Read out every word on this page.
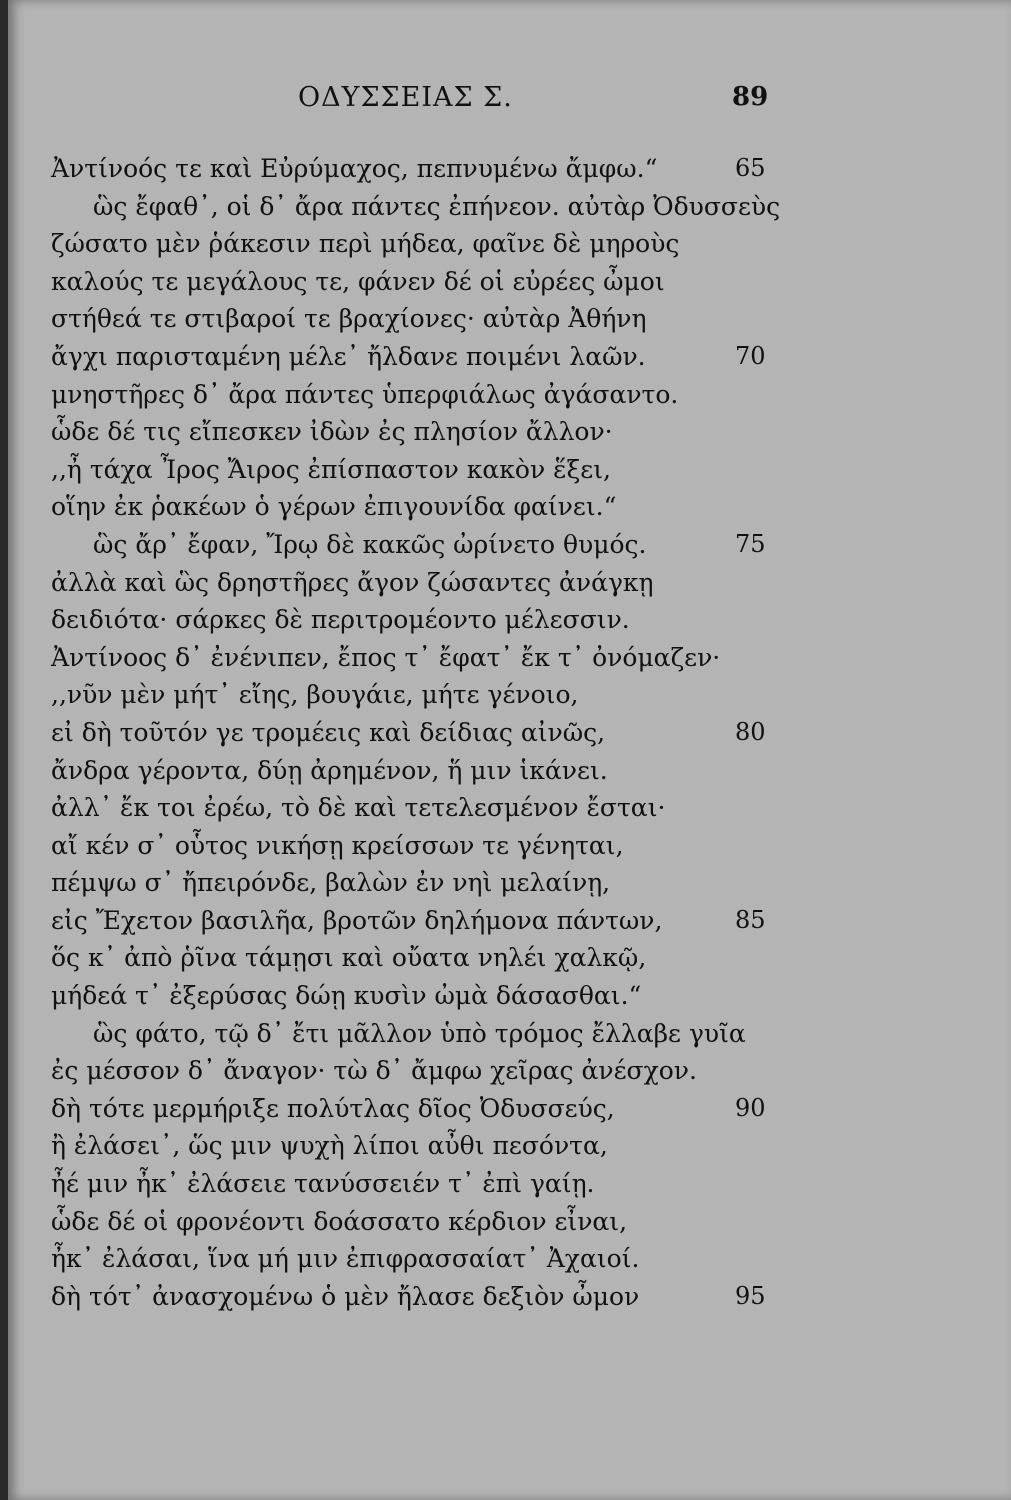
ΟΔΥΣΣΕΙΑΣ Σ.	89
Ἀντίνοός τε καὶ Εὐρύμαχος, πεπνυμένω ἄμφω.“	65
ὣς ἔφαθ᾽, οἱ δ᾽ ἄρα πάντες ἐπήνεον. αὐτὰρ Ὀδυσσεὺς
ζώσατο μὲν ῥάκεσιν περὶ μήδεα, φαῖνε δὲ μηροὺς
καλούς τε μεγάλους τε, φάνεν δέ οἱ εὐρέες ὦμοι
στήθεά τε στιβαροί τε βραχίονες· αὐτὰρ Ἀθήνη
ἄγχι παρισταμένη μέλε᾽ ἤλδανε ποιμένι λαῶν.	70
μνηστῆρες δ᾽ ἄρα πάντες ὑπερφιάλως ἀγάσαντο.
ὧδε δέ τις εἴπεσκεν ἰδὼν ἐς πλησίον ἄλλον·
,,ἦ τάχα Ἶρος Ἄιρος ἐπίσπαστον κακὸν ἕξει,
οἵην ἐκ ῥακέων ὁ γέρων ἐπιγουνίδα φαίνει.“
ὣς ἄρ᾽ ἔφαν, Ἴρῳ δὲ κακῶς ὠρίνετο θυμός.	75
ἀλλὰ καὶ ὣς δρηστῆρες ἄγον ζώσαντες ἀνάγκῃ
δειδιότα· σάρκες δὲ περιτρομέοντο μέλεσσιν.
Ἀντίνοος δ᾽ ἐνένιπεν, ἔπος τ᾽ ἔφατ᾽ ἔκ τ᾽ ὀνόμαζεν·
,,νῦν μὲν μήτ᾽ εἴης, βουγάιε, μήτε γένοιο,
εἰ δὴ τοῦτόν γε τρομέεις καὶ δείδιας αἰνῶς,	80
ἄνδρα γέροντα, δύῃ ἀρημένον, ἥ μιν ἱκάνει.
ἀλλ᾽ ἔκ τοι ἐρέω, τὸ δὲ καὶ τετελεσμένον ἔσται·
αἴ κέν σ᾽ οὗτος νικήσῃ κρείσσων τε γένηται,
πέμψω σ᾽ ἤπειρόνδε, βαλὼν ἐν νηὶ μελαίνῃ,
εἰς Ἔχετον βασιλῆα, βροτῶν δηλήμονα πάντων,	85
ὅς κ᾽ ἀπὸ ῥῖνα τάμῃσι καὶ οὔατα νηλέι χαλκῷ,
μήδεά τ᾽ ἐξερύσας δώῃ κυσὶν ὠμὰ δάσασθαι.“
ὣς φάτο, τῷ δ᾽ ἔτι μᾶλλον ὑπὸ τρόμος ἔλλαβε γυῖα
ἐς μέσσον δ᾽ ἄναγον· τὼ δ᾽ ἄμφω χεῖρας ἀνέσχον.
δὴ τότε μερμήριξε πολύτλας δῖος Ὀδυσσεύς,	90
ἢ ἐλάσει᾽, ὥς μιν ψυχὴ λίποι αὖθι πεσόντα,
ἦέ μιν ἦκ᾽ ἐλάσειε τανύσσειέν τ᾽ ἐπὶ γαίῃ.
ὧδε δέ οἱ φρονέοντι δοάσσατο κέρδιον εἶναι,
ἦκ᾽ ἐλάσαι, ἵνα μή μιν ἐπιφρασσαίατ᾽ Ἀχαιοί.
δὴ τότ᾽ ἀνασχομένω ὁ μὲν ἤλασε δεξιὸν ὦμον	95
